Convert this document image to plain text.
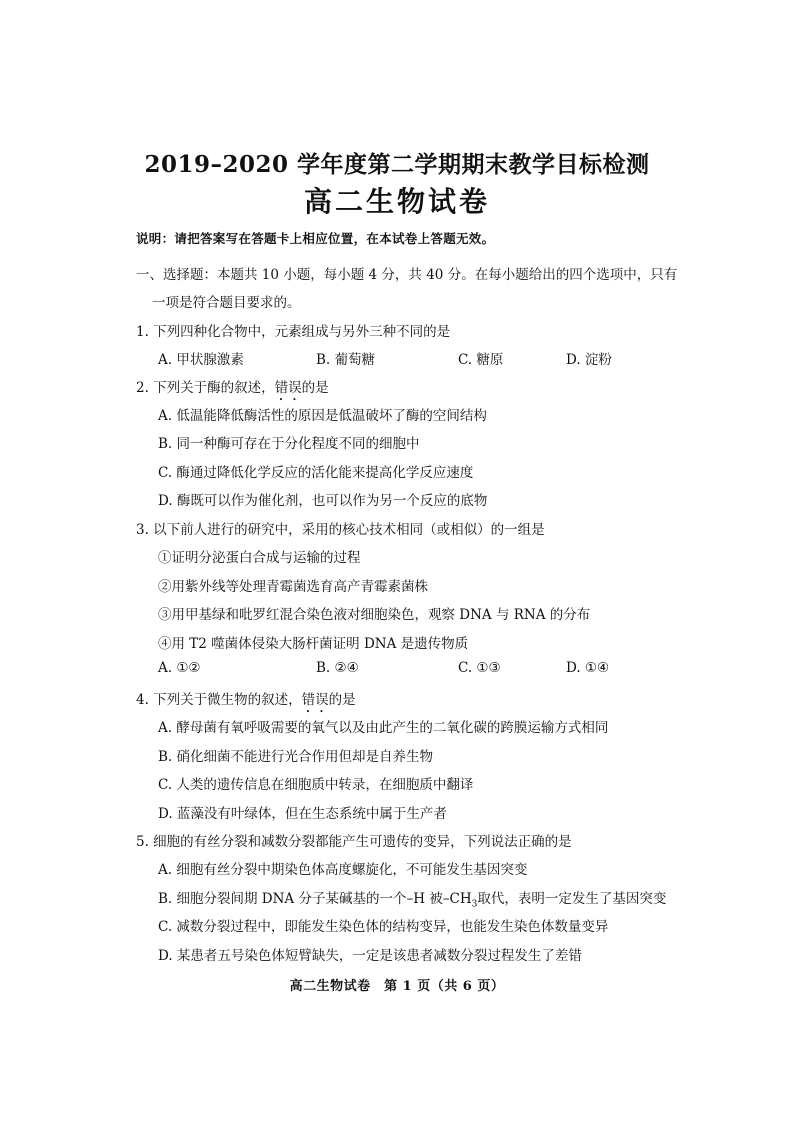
2019–2020 学年度第二学期期末教学目标检测
高二生物试卷
说明：请把答案写在答题卡上相应位置，在本试卷上答题无效。
一、选择题：本题共 10 小题，每小题 4 分，共 40 分。在每小题给出的四个选项中，只有
一项是符合题目要求的。
1. 下列四种化合物中，元素组成与另外三种不同的是
A. 甲状腺激素	B. 葡萄糖	C. 糖原	D. 淀粉
2. 下列关于酶的叙述，错误的是
A. 低温能降低酶活性的原因是低温破坏了酶的空间结构
B. 同一种酶可存在于分化程度不同的细胞中
C. 酶通过降低化学反应的活化能来提高化学反应速度
D. 酶既可以作为催化剂，也可以作为另一个反应的底物
3. 以下前人进行的研究中，采用的核心技术相同（或相似）的一组是
①证明分泌蛋白合成与运输的过程
②用紫外线等处理青霉菌选育高产青霉素菌株
③用甲基绿和吡罗红混合染色液对细胞染色，观察 DNA 与 RNA 的分布
④用 T2 噬菌体侵染大肠杆菌证明 DNA 是遗传物质
A. ①②	B. ②④	C. ①③	D. ①④
4. 下列关于微生物的叙述，错误的是
A. 酵母菌有氧呼吸需要的氧气以及由此产生的二氧化碳的跨膜运输方式相同
B. 硝化细菌不能进行光合作用但却是自养生物
C. 人类的遗传信息在细胞质中转录，在细胞质中翻译
D. 蓝藻没有叶绿体，但在生态系统中属于生产者
5. 细胞的有丝分裂和减数分裂都能产生可遗传的变异，下列说法正确的是
A. 细胞有丝分裂中期染色体高度螺旋化，不可能发生基因突变
B. 细胞分裂间期 DNA 分子某碱基的一个–H 被$-CH_3$取代，表明一定发生了基因突变
C. 减数分裂过程中，即能发生染色体的结构变异，也能发生染色体数量变异
D. 某患者五号染色体短臂缺失，一定是该患者减数分裂过程发生了差错
高二生物试卷　第 1 页（共 6 页）
